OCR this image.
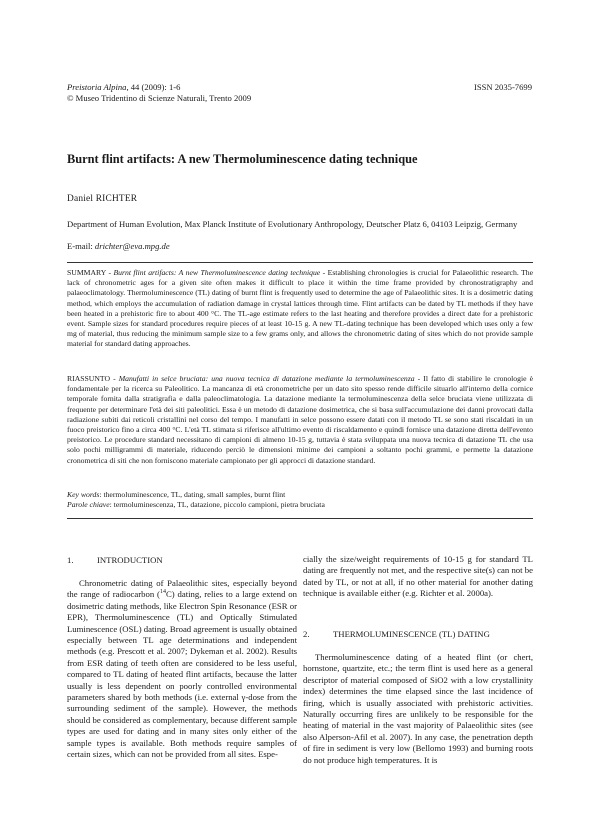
Preistoria Alpina, 44 (2009): 1-6	ISSN 2035-7699
© Museo Tridentino di Scienze Naturali, Trento 2009
Burnt flint artifacts: A new Thermoluminescence dating technique
Daniel RICHTER
Department of Human Evolution, Max Planck Institute of Evolutionary Anthropology, Deutscher Platz 6, 04103 Leipzig, Germany
E-mail: drichter@eva.mpg.de
SUMMARY - Burnt flint artifacts: A new Thermoluminescence dating technique - Establishing chronologies is crucial for Palaeolithic research. The lack of chronometric ages for a given site often makes it difficult to place it within the time frame provided by chronostratigraphy and palaeoclimatology. Thermoluminescence (TL) dating of burnt flint is frequently used to determine the age of Palaeolithic sites. It is a dosimetric dating method, which employs the accumulation of radiation damage in crystal lattices through time. Flint artifacts can be dated by TL methods if they have been heated in a prehistoric fire to about 400 °C. The TL-age estimate refers to the last heating and therefore provides a direct date for a prehistoric event. Sample sizes for standard procedures require pieces of at least 10-15 g. A new TL-dating technique has been developed which uses only a few mg of material, thus reducing the minimum sample size to a few grams only, and allows the chronometric dating of sites which do not provide sample material for standard dating approaches.
RIASSUNTO - Manufatti in selce bruciata: una nuova tecnica di datazione mediante la termoluminescenza - Il fatto di stabilire le cronologie è fondamentale per la ricerca su Paleolitico. La mancanza di età cronometriche per un dato sito spesso rende difficile situarlo all'interno della cornice temporale fornita dalla stratigrafia e dalla paleoclimatologia. La datazione mediante la termoluminescenza della selce bruciata viene utilizzata di frequente per determinare l'età dei siti paleolitici. Essa è un metodo di datazione dosimetrica, che si basa sull'accumulazione dei danni provocati dalla radiazione subiti dai reticoli cristallini nel corso del tempo. I manufatti in selce possono essere datati con il metodo TL se sono stati riscaldati in un fuoco preistorico fino a circa 400 °C. L'età TL stimata si riferisce all'ultimo evento di riscaldamento e quindi fornisce una datazione diretta dell'evento preistorico. Le procedure standard necessitano di campioni di almeno 10-15 g, tuttavia è stata sviluppata una nuova tecnica di datazione TL che usa solo pochi milligrammi di materiale, riducendo perciò le dimensioni minime dei campioni a soltanto pochi grammi, e permette la datazione cronometrica di siti che non forniscono materiale campionato per gli approcci di datazione standard.
Key words: thermoluminescence, TL, dating, small samples, burnt flint
Parole chiave: termoluminescenza, TL, datazione, piccolo campioni, pietra bruciata
1.	INTRODUCTION

Chronometric dating of Palaeolithic sites, especially beyond the range of radiocarbon ($^{14}$C) dating, relies to a large extend on dosimetric dating methods, like Electron Spin Resonance (ESR or EPR), Thermoluminescence (TL) and Optically Stimulated Luminescence (OSL) dating. Broad agreement is usually obtained especially between TL age determinations and independent methods (e.g. Prescott et al. 2007; Dykeman et al. 2002). Results from ESR dating of teeth often are considered to be less useful, compared to TL dating of heated flint artifacts, because the latter usually is less dependent on poorly controlled environmental parameters shared by both methods (i.e. external γ-dose from the surrounding sediment of the sample). However, the methods should be considered as complementary, because different sample types are used for dating and in many sites only either of the sample types is available. Both methods require samples of certain sizes, which can not be provided from all sites. Espe-

cially the size/weight requirements of 10-15 g for standard TL dating are frequently not met, and the respective site(s) can not be dated by TL, or not at all, if no other material for another dating technique is available either (e.g. Richter et al. 2000a).

2.	THERMOLUMINESCENCE (TL) DATING

Thermoluminescence dating of a heated flint (or chert, hornstone, quartzite, etc.; the term flint is used here as a general descriptor of material composed of SiO2 with a low crystallinity index) determines the time elapsed since the last incidence of firing, which is usually associated with prehistoric activities. Naturally occurring fires are unlikely to be responsible for the heating of material in the vast majority of Palaeolithic sites (see also Alperson-Afil et al. 2007). In any case, the penetration depth of fire in sediment is very low (Bellomo 1993) and burning roots do not produce high temperatures. It is
